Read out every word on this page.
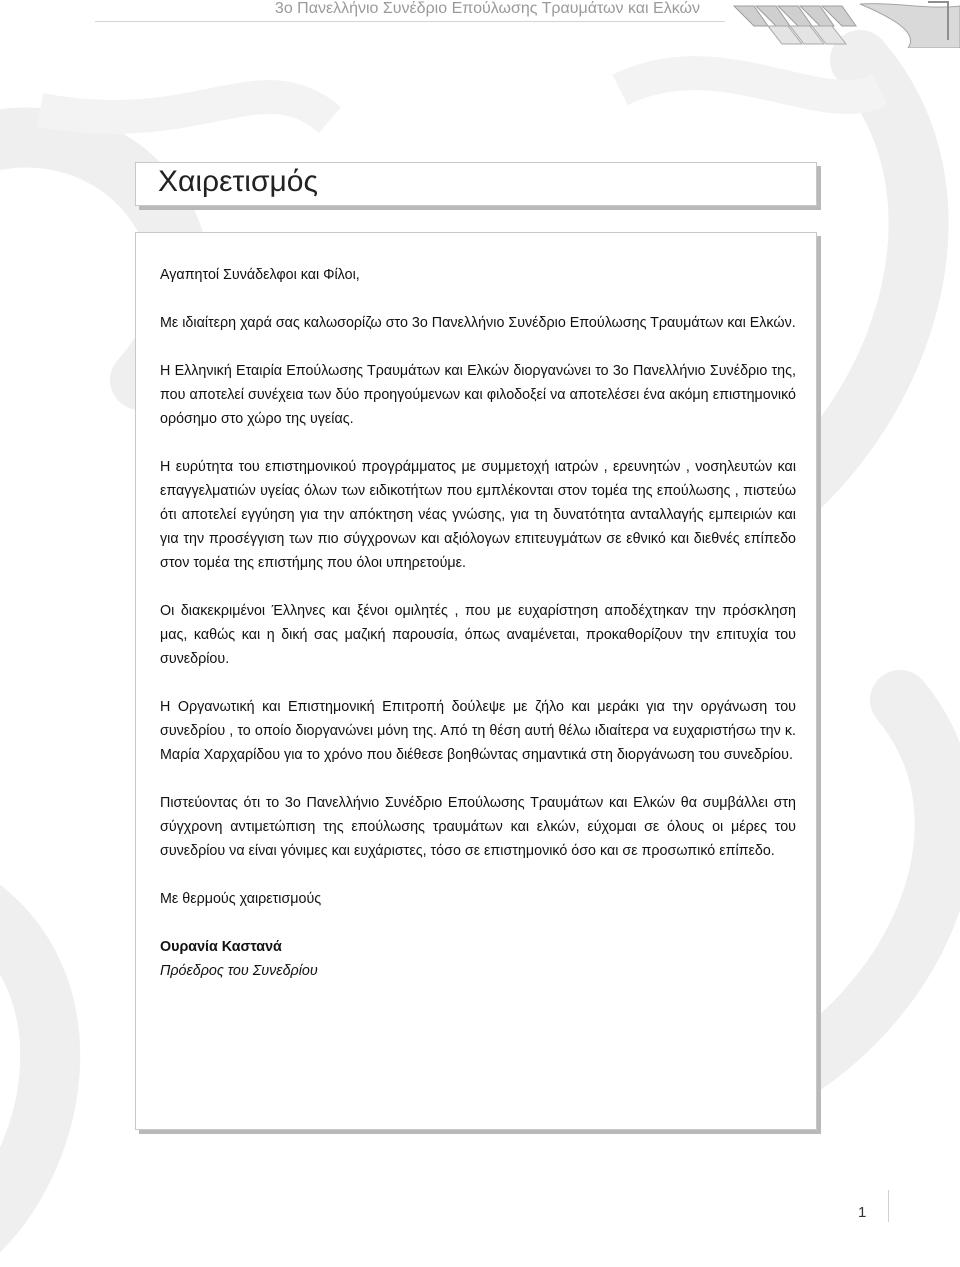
3ο Πανελλήνιο Συνέδριο Επούλωσης Τραυμάτων και Ελκών
Χαιρετισμός

Αγαπητοί Συνάδελφοι και Φίλοι,

Με ιδιαίτερη χαρά σας καλωσορίζω στο 3ο Πανελλήνιο Συνέδριο Επούλωσης Τραυμάτων και Ελκών.

Η Ελληνική Εταιρία Επούλωσης Τραυμάτων και Ελκών διοργανώνει το 3ο Πανελλήνιο Συνέδριο της, που αποτελεί συνέχεια των δύο προηγούμενων και φιλοδοξεί να αποτελέσει ένα ακόμη επιστημονικό ορόσημο στο χώρο της υγείας.

Η ευρύτητα του επιστημονικού προγράμματος με συμμετοχή ιατρών , ερευνητών , νοσηλευτών και επαγγελματιών υγείας όλων των ειδικοτήτων που εμπλέκονται στον τομέα της επούλωσης , πιστεύω ότι αποτελεί εγγύηση για την απόκτηση νέας γνώσης, για τη δυνατότητα ανταλλαγής εμπειριών και για την προσέγγιση των πιο σύγχρονων και αξιόλογων επιτευγμάτων σε εθνικό και διεθνές επίπεδο στον τομέα της επιστήμης που όλοι υπηρετούμε.

Οι διακεκριμένοι Έλληνες και ξένοι ομιλητές , που με ευχαρίστηση αποδέχτηκαν την πρόσκληση μας, καθώς και η δική σας μαζική παρουσία, όπως αναμένεται, προκαθορίζουν την επιτυχία του συνεδρίου.

Η Οργανωτική και Επιστημονική Επιτροπή δούλεψε με ζήλο και μεράκι για την οργάνωση του συνεδρίου , το οποίο διοργανώνει μόνη της. Από τη θέση αυτή θέλω ιδιαίτερα να ευχαριστήσω την κ. Μαρία Χαρχαρίδου για το χρόνο που διέθεσε βοηθώντας σημαντικά στη διοργάνωση του συνεδρίου.

Πιστεύοντας ότι το 3ο Πανελλήνιο Συνέδριο Επούλωσης Τραυμάτων και Ελκών θα συμβάλλει στη σύγχρονη αντιμετώπιση της επούλωσης τραυμάτων και ελκών, εύχομαι σε όλους οι μέρες του συνεδρίου να είναι γόνιμες και ευχάριστες, τόσο σε επιστημονικό όσο και σε προσωπικό επίπεδο.

Με θερμούς χαιρετισμούς

Ουρανία Καστανά

Πρόεδρος του Συνεδρίου

1
